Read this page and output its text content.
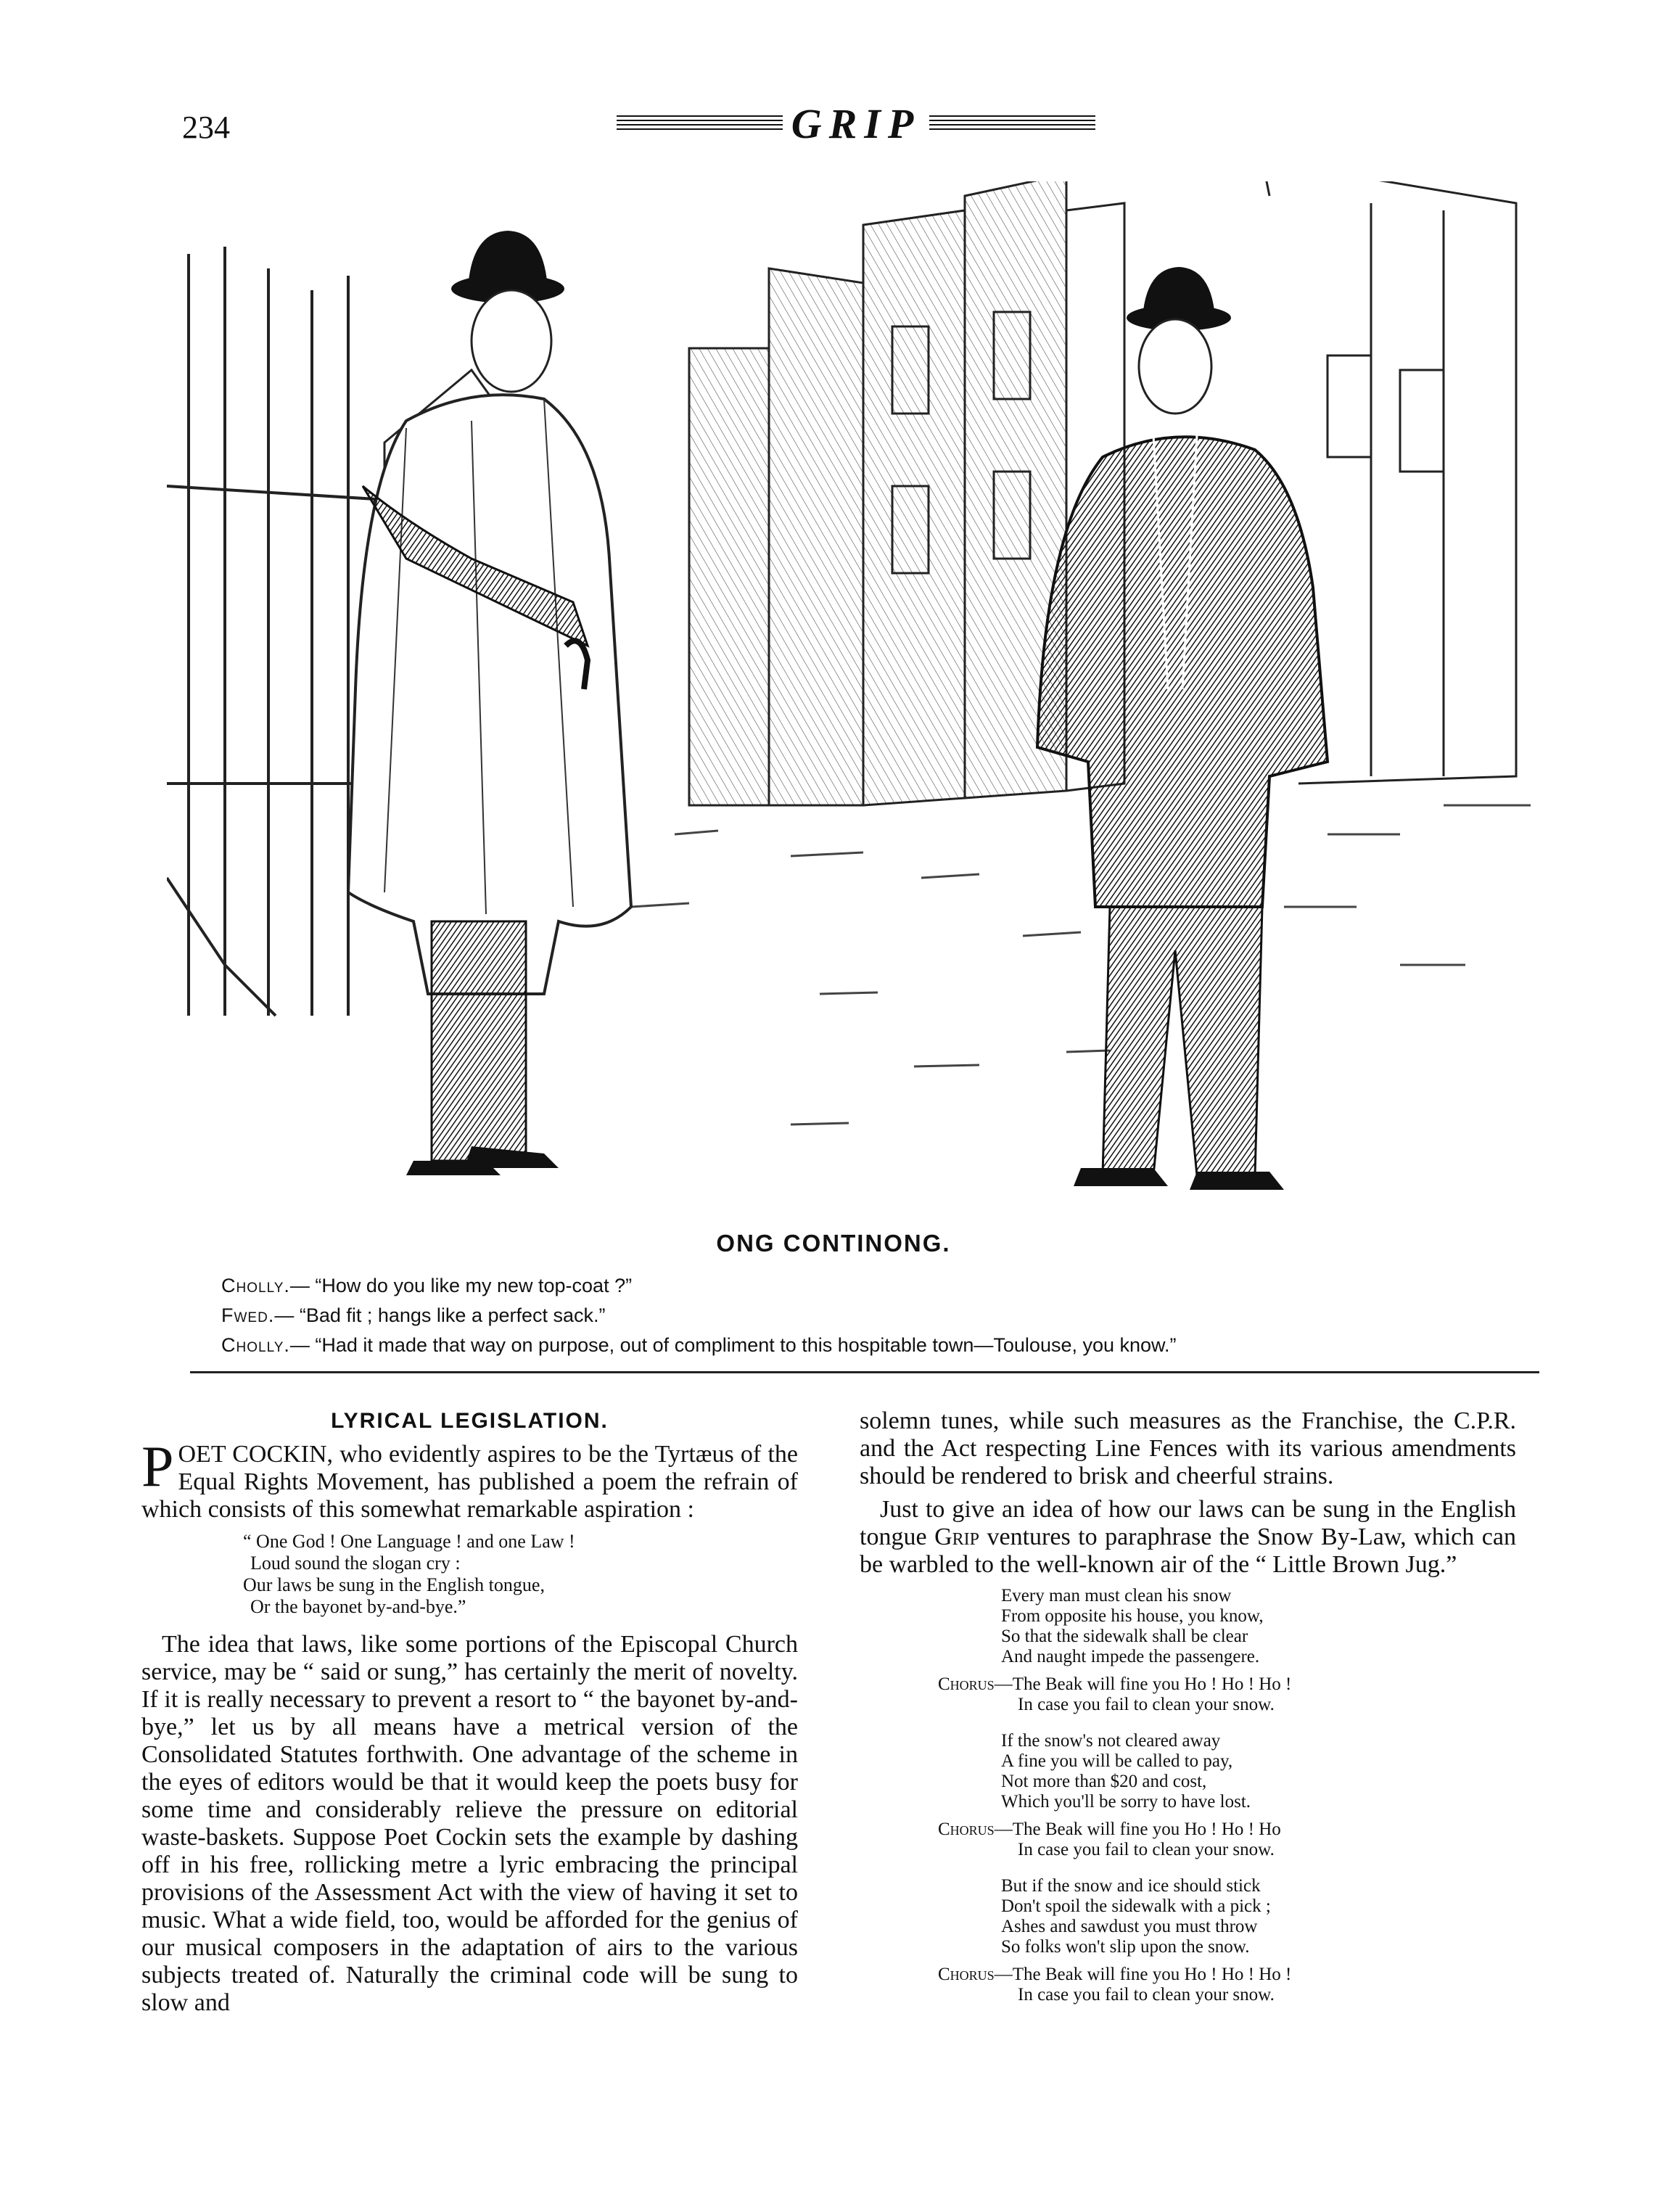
234	GRIP
ONG CONTINONG.
Cholly.— “How do you like my new top-coat ?”
Fwed.— “Bad fit ; hangs like a perfect sack.”
Cholly.— “Had it made that way on purpose, out of compliment to this hospitable town—Toulouse, you know.”
LYRICAL LEGISLATION.

POET COCKIN, who evidently aspires to be the Tyrtæus of the Equal Rights Movement, has published a poem the refrain of which consists of this somewhat remarkable aspiration :

“ One God ! One Language ! and one Law !
Loud sound the slogan cry :
Our laws be sung in the English tongue,
Or the bayonet by-and-bye.”

The idea that laws, like some portions of the Episcopal Church service, may be “ said or sung,” has certainly the merit of novelty. If it is really necessary to prevent a resort to “ the bayonet by-and-bye,” let us by all means have a metrical version of the Consolidated Statutes forthwith. One advantage of the scheme in the eyes of editors would be that it would keep the poets busy for some time and considerably relieve the pressure on editorial waste-baskets. Suppose Poet Cockin sets the example by dashing off in his free, rollicking metre a lyric embracing the principal provisions of the Assessment Act with the view of having it set to music. What a wide field, too, would be afforded for the genius of our musical composers in the adaptation of airs to the various subjects treated of. Naturally the criminal code will be sung to slow and

solemn tunes, while such measures as the Franchise, the C.P.R. and the Act respecting Line Fences with its various amendments should be rendered to brisk and cheerful strains.

Just to give an idea of how our laws can be sung in the English tongue Grip ventures to paraphrase the Snow By-Law, which can be warbled to the well-known air of the “ Little Brown Jug.”

Every man must clean his snow
From opposite his house, you know,
So that the sidewalk shall be clear
And naught impede the passengere.
Chorus—The Beak will fine you Ho ! Ho ! Ho !
In case you fail to clean your snow.
If the snow's not cleared away
A fine you will be called to pay,
Not more than $20 and cost,
Which you'll be sorry to have lost.
Chorus—The Beak will fine you Ho ! Ho ! Ho
In case you fail to clean your snow.
But if the snow and ice should stick
Don't spoil the sidewalk with a pick ;
Ashes and sawdust you must throw
So folks won't slip upon the snow.
Chorus—The Beak will fine you Ho ! Ho ! Ho !
In case you fail to clean your snow.
